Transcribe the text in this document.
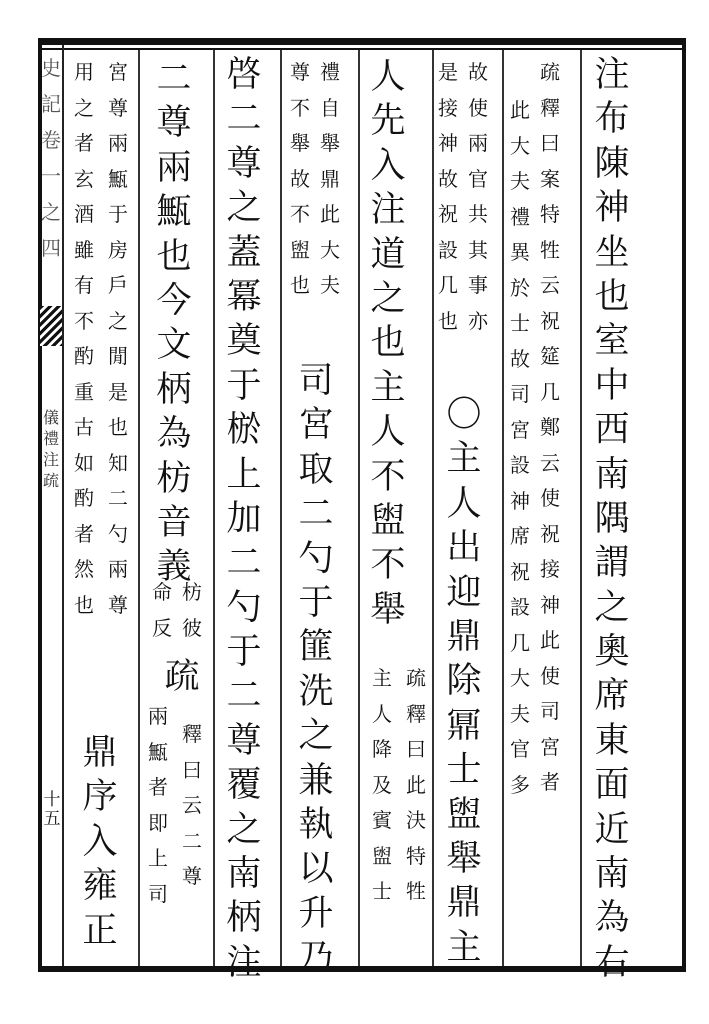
史
記
卷
一
之
四
儀
禮
注
疏
十
五
注
布
陳
神
坐
也
室
中
西
南
隅
謂
之
奧
席
東
面
近
南
為
右
疏
釋
曰
案
特
牲
云
祝
筵
几
鄭
云
使
祝
接
神
此
使
司
宮
者
此
大
夫
禮
異
於
士
故
司
宮
設
神
席
祝
設
几
大
夫
官
多
故
使
兩
官
共
其
事
亦
是
接
神
故
祝
設
几
也
〇
主
人
出
迎
鼎
除
鼏
士
盥
舉
鼎
主
人
先
入
注
道
之
也
主
人
不
盥
不
舉
疏
釋
曰
此
決
特
牲
主
人
降
及
賓
盥
士
禮
自
舉
鼎
此
大
夫
尊
不
舉
故
不
盥
也
司
宮
取
二
勺
于
篚
洗
之
兼
執
以
升
乃
啓
二
尊
之
蓋
冪
奠
于
棜
上
加
二
勺
于
二
尊
覆
之
南
柄
注
二
尊
兩
甒
也
今
文
柄
為
枋
音
義
枋
彼
命
反
疏
釋
曰
云
二
尊
兩
甒
者
即
上
司
宮
尊
兩
甒
于
房
戶
之
閒
是
也
知
二
勺
兩
尊
用
之
者
玄
酒
雖
有
不
酌
重
古
如
酌
者
然
也
鼎
序
入
雍
正
